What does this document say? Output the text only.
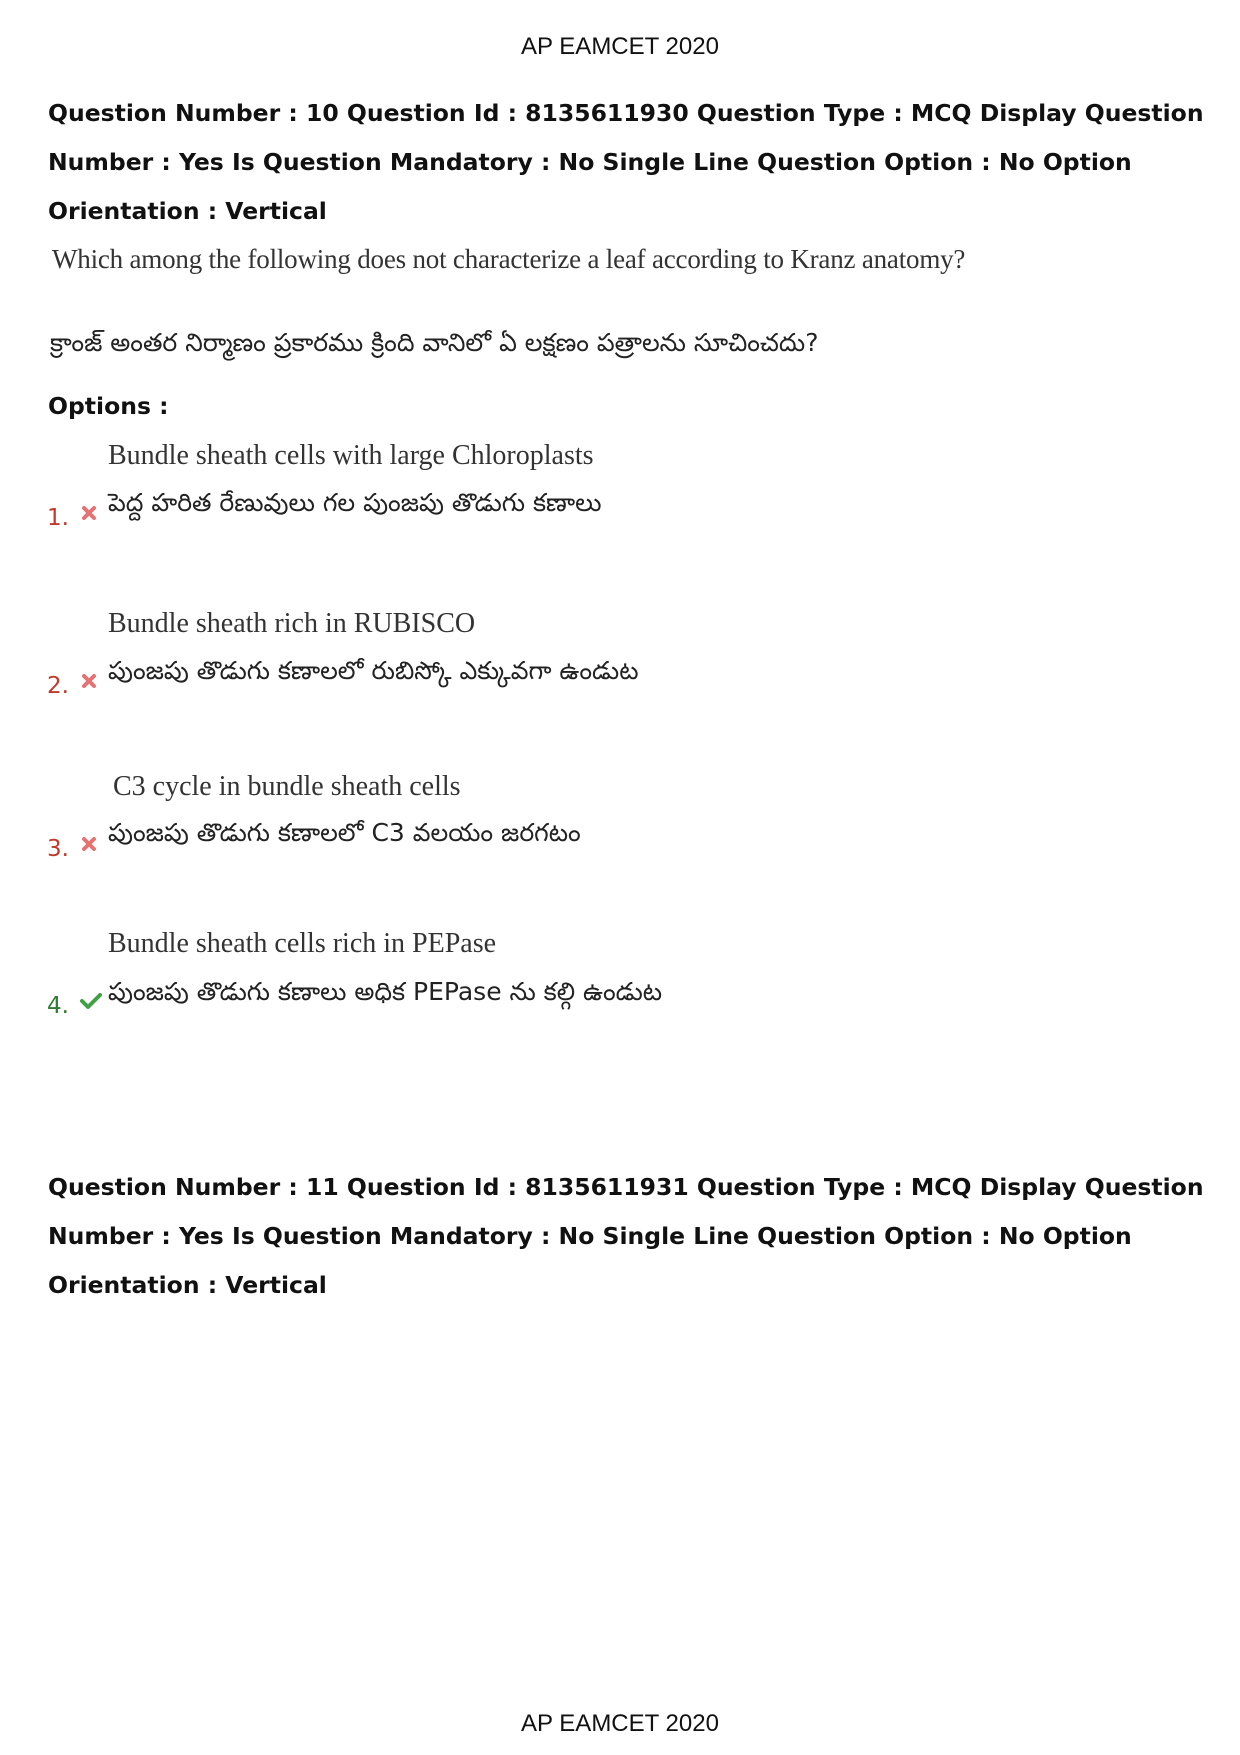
AP EAMCET 2020
Question Number : 10 Question Id : 8135611930 Question Type : MCQ Display Question
Number : Yes Is Question Mandatory : No Single Line Question Option : No Option
Orientation : Vertical
Which among the following does not characterize a leaf according to Kranz anatomy?
క్రాంజ్ అంతర నిర్మాణం ప్రకారము క్రింది వానిలో ఏ లక్షణం పత్రాలను సూచించదు?
Options :
Bundle sheath cells with large Chloroplasts
పెద్ద హరిత రేణువులు గల పుంజపు తొడుగు కణాలు
1.
Bundle sheath rich in RUBISCO
పుంజపు తొడుగు కణాలలో రుబిస్కో ఎక్కువగా ఉండుట
2.
C3 cycle in bundle sheath cells
పుంజపు తొడుగు కణాలలో C3 వలయం జరగటం
3.
Bundle sheath cells rich in PEPase
పుంజపు తొడుగు కణాలు అధిక PEPase ను కల్గి ఉండుట
4.
Question Number : 11 Question Id : 8135611931 Question Type : MCQ Display Question
Number : Yes Is Question Mandatory : No Single Line Question Option : No Option
Orientation : Vertical
AP EAMCET 2020
